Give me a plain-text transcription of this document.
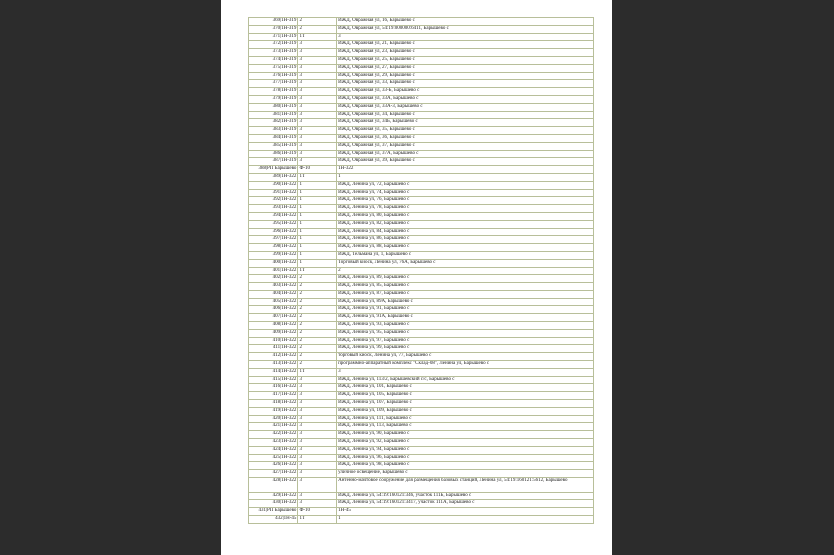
369|1Н-319	2	ИЖД, Овражная ул, 16, Барышево с
370|1Н-319	2	ИЖД, Овражная ул, 54:19:000000:6411, Барышево с
371|1Н-319	1Т	3
372|1Н-319	3	ИЖД, Овражная ул, 21, Барышево с
373|1Н-319	3	ИЖД, Овражная ул, 23, Барышево с
374|1Н-319	3	ИЖД, Овражная ул, 25, Барышево с
375|1Н-319	3	ИЖД, Овражная ул, 27, Барышево с
376|1Н-319	3	ИЖД, Овражная ул, 29, Барышево с
377|1Н-319	3	ИЖД, Овражная ул, 33, Барышево с
378|1Н-319	3	ИЖД, Овражная ул, 33-Б, Барышево с
379|1Н-319	3	ИЖД, Овражная ул, 33А, Барышево с
380|1Н-319	3	ИЖД, Овражная ул, 33А-3, Барышево с
381|1Н-319	3	ИЖД, Овражная ул, 34, Барышево с
382|1Н-319	3	ИЖД, Овражная ул, 34Б, Барышево с
383|1Н-319	3	ИЖД, Овражная ул, 35, Барышево с
384|1Н-319	3	ИЖД, Овражная ул, 36, Барышево с
385|1Н-319	3	ИЖД, Овражная ул, 37, Барышево с
386|1Н-319	3	ИЖД, Овражная ул, 37А, Барышево с
387|1Н-319	3	ИЖД, Овражная ул, 39, Барышево с
388|РП Барышево	Ф-10	1Н-322
389|1Н-322	1Т	1
390|1Н-322	1	ИЖД, Ленина ул, 72, Барышево с
391|1Н-322	1	ИЖД, Ленина ул, 74, Барышево с
392|1Н-322	1	ИЖД, Ленина ул, 76, Барышево с
393|1Н-322	1	ИЖД, Ленина ул, 78, Барышево с
394|1Н-322	1	ИЖД, Ленина ул, 80, Барышево с
395|1Н-322	1	ИЖД, Ленина ул, 82, Барышево с
396|1Н-322	1	ИЖД, Ленина ул, 84, Барышево с
397|1Н-322	1	ИЖД, Ленина ул, 86, Барышево с
398|1Н-322	1	ИЖД, Ленина ул, 88, Барышево с
399|1Н-322	1	ИЖД, Тельмана ул, 1, Барышево с
400|1Н-322	1	Торговый киоск, Ленина ул, 76А, Барышево с
401|1Н-322	1Т	2
402|1Н-322	2	ИЖД, Ленина ул, 89, Барышево с
403|1Н-322	2	ИЖД, Ленина ул, 85, Барышево с
404|1Н-322	2	ИЖД, Ленина ул, 87, Барышево с
405|1Н-322	2	ИЖД, Ленина ул, 89А, Барышево с
406|1Н-322	2	ИЖД, Ленина ул, 91, Барышево с
407|1Н-322	2	ИЖД, Ленина ул, 91А, Барышево с
408|1Н-322	2	ИЖД, Ленина ул, 93, Барышево с
409|1Н-322	2	ИЖД, Ленина ул, 95, Барышево с
410|1Н-322	2	ИЖД, Ленина ул, 97, Барышево с
411|1Н-322	2	ИЖД, Ленина ул, 99, Барышево с
412|1Н-322	2	торговый киоск, Ленина ул, 77, Барышево с
413|1Н-322	2	программно-аппаратный комплекс "Склад-08", Ленина ул, Барышево с
414|1Н-322	1Т	3
415|1Н-322	3	ИЖД, Ленина ул, 113/2, Барышевский с/с, Барышево с
416|1Н-322	3	ИЖД, Ленина ул, 101, Барышево с
417|1Н-322	3	ИЖД, Ленина ул, 105, Барышево с
418|1Н-322	3	ИЖД, Ленина ул, 107, Барышево с
419|1Н-322	3	ИЖД, Ленина ул, 109, Барышево с
420|1Н-322	3	ИЖД, Ленина ул, 111, Барышево с
421|1Н-322	3	ИЖД, Ленина ул, 113, Барышево с
422|1Н-322	3	ИЖД, Ленина ул, 90, Барышево с
423|1Н-322	3	ИЖД, Ленина ул, 92, Барышево с
424|1Н-322	3	ИЖД, Ленина ул, 94, Барышево с
425|1Н-322	3	ИЖД, Ленина ул, 96, Барышево с
426|1Н-322	3	ИЖД, Ленина ул, 98, Барышево с
427|1Н-322	3	уличное освещение, Барышево с
428|1Н-322	3	Антенно-мачтовое сооружение для размещения базовых станций, Ленина ул, 54:19:160121:5612, Барышево
429|1Н-322	3	ИЖД, Ленина ул, 54:19:160121:346, участок 111Б, Барышево с
430|1Н-322	3	ИЖД, Ленина ул, 54:19:160121:3417, участок 111А, Барышево с
431|РП Барышево	Ф-10	1Н-45
432|1Н-45	1Т	1
